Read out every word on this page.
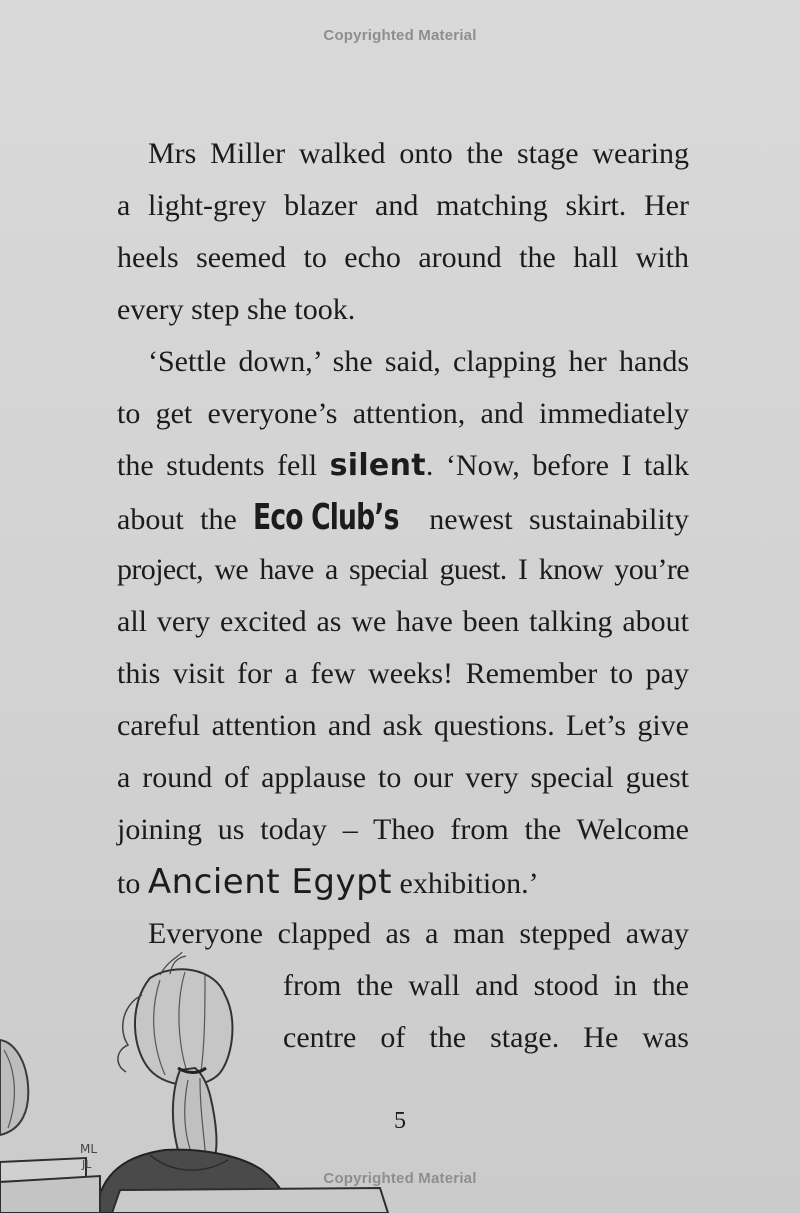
Copyrighted Material
Mrs Miller walked onto the stage wearing
a light-grey blazer and matching skirt. Her
heels seemed to echo around the hall with
every step she took.
‘Settle down,’ she said, clapping her hands
to get everyone’s attention, and immediately
the students fell silent. ‘Now, before I talk
about the Eco Club’s newest sustainability
project, we have a special guest. I know you’re
all very excited as we have been talking about
this visit for a few weeks! Remember to pay
careful attention and ask questions. Let’s give
a round of applause to our very special guest
joining us today – Theo from the Welcome
to Ancient Egypt exhibition.’
Everyone clapped as a man stepped away
from the wall and stood in the
centre of the stage. He was
5
ML
JL
Copyrighted Material
